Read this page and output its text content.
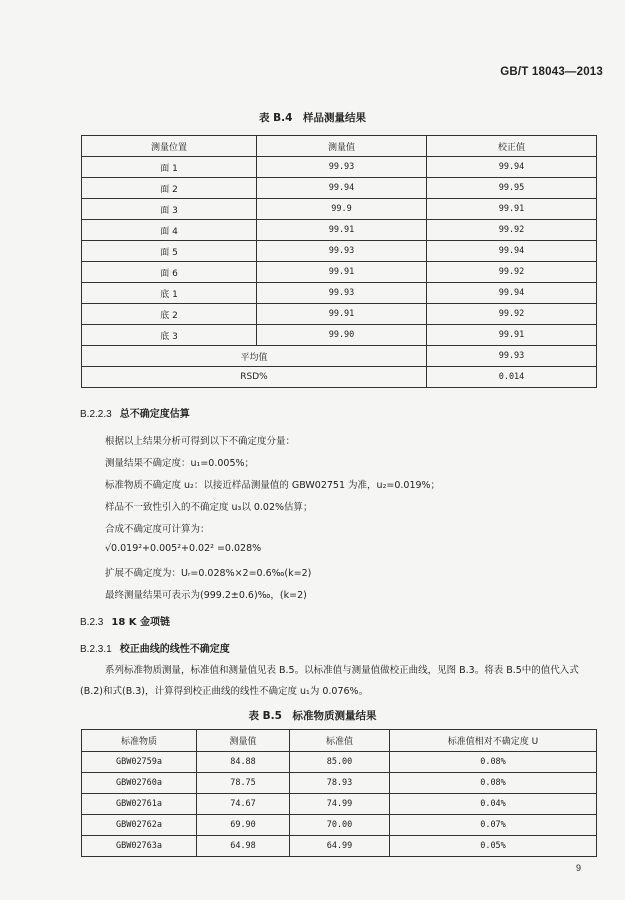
GB/T 18043—2013
表 B.4　样品测量结果
测量位置	测量值	校正值
面 1	99.93	99.94
面 2	99.94	99.95
面 3	99.9	99.91
面 4	99.91	99.92
面 5	99.93	99.94
面 6	99.91	99.92
底 1	99.93	99.94
底 2	99.91	99.92
底 3	99.90	99.91
平均值		99.93
RSD%		0.014
B.2.2.3 总不确定度估算
根据以上结果分析可得到以下不确定度分量：
测量结果不确定度：u₁=0.005%；
标准物质不确定度 u₂：以接近样品测量值的 GBW02751 为准，u₂=0.019%；
样品不一致性引入的不确定度 u₃以 0.02%估算；
合成不确定度可计算为：
√0.019²+0.005²+0.02² =0.028%
扩展不确定度为：Uᵣ=0.028%×2=0.6‰(k=2)
最终测量结果可表示为(999.2±0.6)‰，(k=2)
B.2.3 18 K 金项链
B.2.3.1 校正曲线的线性不确定度
系列标准物质测量，标准值和测量值见表 B.5。以标准值与测量值做校正曲线，见图 B.3。将表 B.5中的值代入式(B.2)和式(B.3)，计算得到校正曲线的线性不确定度 u₁为 0.076%。
表 B.5　标准物质测量结果
标准物质	测量值	标准值	标准值相对不确定度 U
GBW02759a	84.88	85.00	0.08%
GBW02760a	78.75	78.93	0.08%
GBW02761a	74.67	74.99	0.04%
GBW02762a	69.90	70.00	0.07%
GBW02763a	64.98	64.99	0.05%
9
